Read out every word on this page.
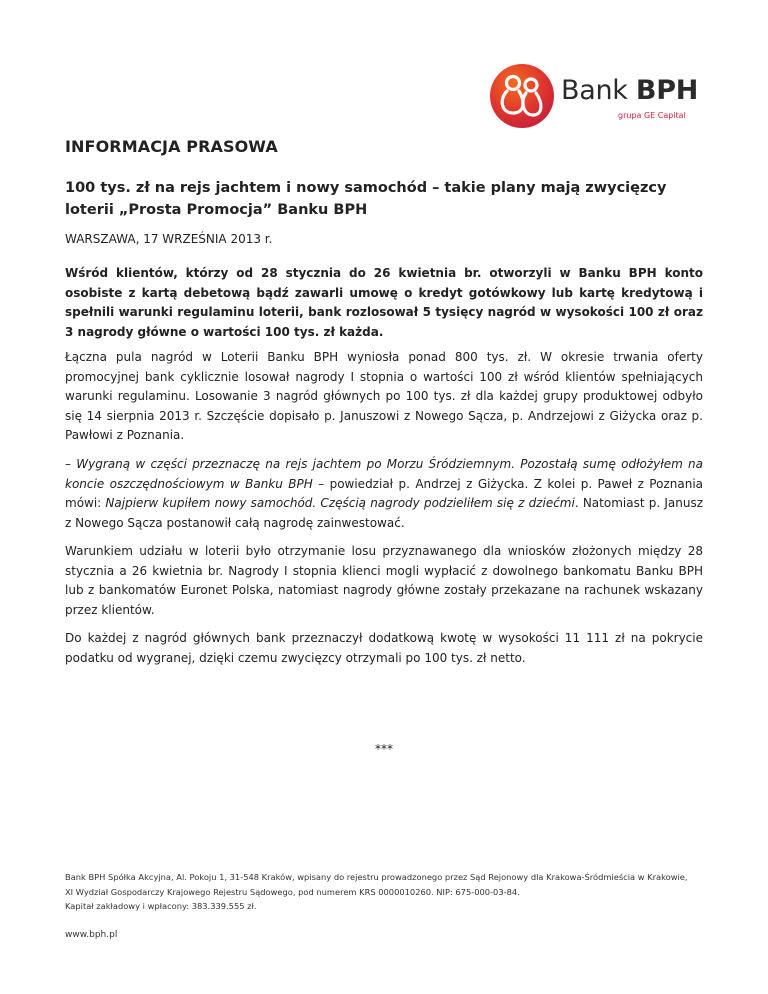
Bank BPH
grupa GE Capital
INFORMACJA PRASOWA
100 tys. zł na rejs jachtem i nowy samochód – takie plany mają zwycięzcy loterii „Prosta Promocja” Banku BPH
WARSZAWA, 17 WRZEŚNIA 2013 r.
Wśród klientów, którzy od 28 stycznia do 26 kwietnia br. otworzyli w Banku BPH konto osobiste z kartą debetową bądź zawarli umowę o kredyt gotówkowy lub kartę kredytową i spełnili warunki regulaminu loterii, bank rozlosował 5 tysięcy nagród w wysokości 100 zł oraz 3 nagrody główne o wartości 100 tys. zł każda.
Łączna pula nagród w Loterii Banku BPH wyniosła ponad 800 tys. zł. W okresie trwania oferty promocyjnej bank cyklicznie losował nagrody I stopnia o wartości 100 zł wśród klientów spełniających warunki regulaminu. Losowanie 3 nagród głównych po 100 tys. zł dla każdej grupy produktowej odbyło się 14 sierpnia 2013 r. Szczęście dopisało p. Januszowi z Nowego Sącza, p. Andrzejowi z Giżycka oraz p. Pawłowi z Poznania.
– Wygraną w części przeznaczę na rejs jachtem po Morzu Śródziemnym. Pozostałą sumę odłożyłem na koncie oszczędnościowym w Banku BPH – powiedział p. Andrzej z Giżycka. Z kolei p. Paweł z Poznania mówi: Najpierw kupiłem nowy samochód. Częścią nagrody podzieliłem się z dziećmi. Natomiast p. Janusz z Nowego Sącza postanowił całą nagrodę zainwestować.
Warunkiem udziału w loterii było otrzymanie losu przyznawanego dla wniosków złożonych między 28 stycznia a 26 kwietnia br. Nagrody I stopnia klienci mogli wypłacić z dowolnego bankomatu Banku BPH lub z bankomatów Euronet Polska, natomiast nagrody główne zostały przekazane na rachunek wskazany przez klientów.
Do każdej z nagród głównych bank przeznaczył dodatkową kwotę w wysokości 11 111 zł na pokrycie podatku od wygranej, dzięki czemu zwycięzcy otrzymali po 100 tys. zł netto.
***
Bank BPH Spółka Akcyjna, Al. Pokoju 1, 31-548 Kraków, wpisany do rejestru prowadzonego przez Sąd Rejonowy dla Krakowa-Śródmieścia w Krakowie,
XI Wydział Gospodarczy Krajowego Rejestru Sądowego, pod numerem KRS 0000010260. NIP: 675-000-03-84.
Kapitał zakładowy i wpłacony: 383.339.555 zł.
www.bph.pl
